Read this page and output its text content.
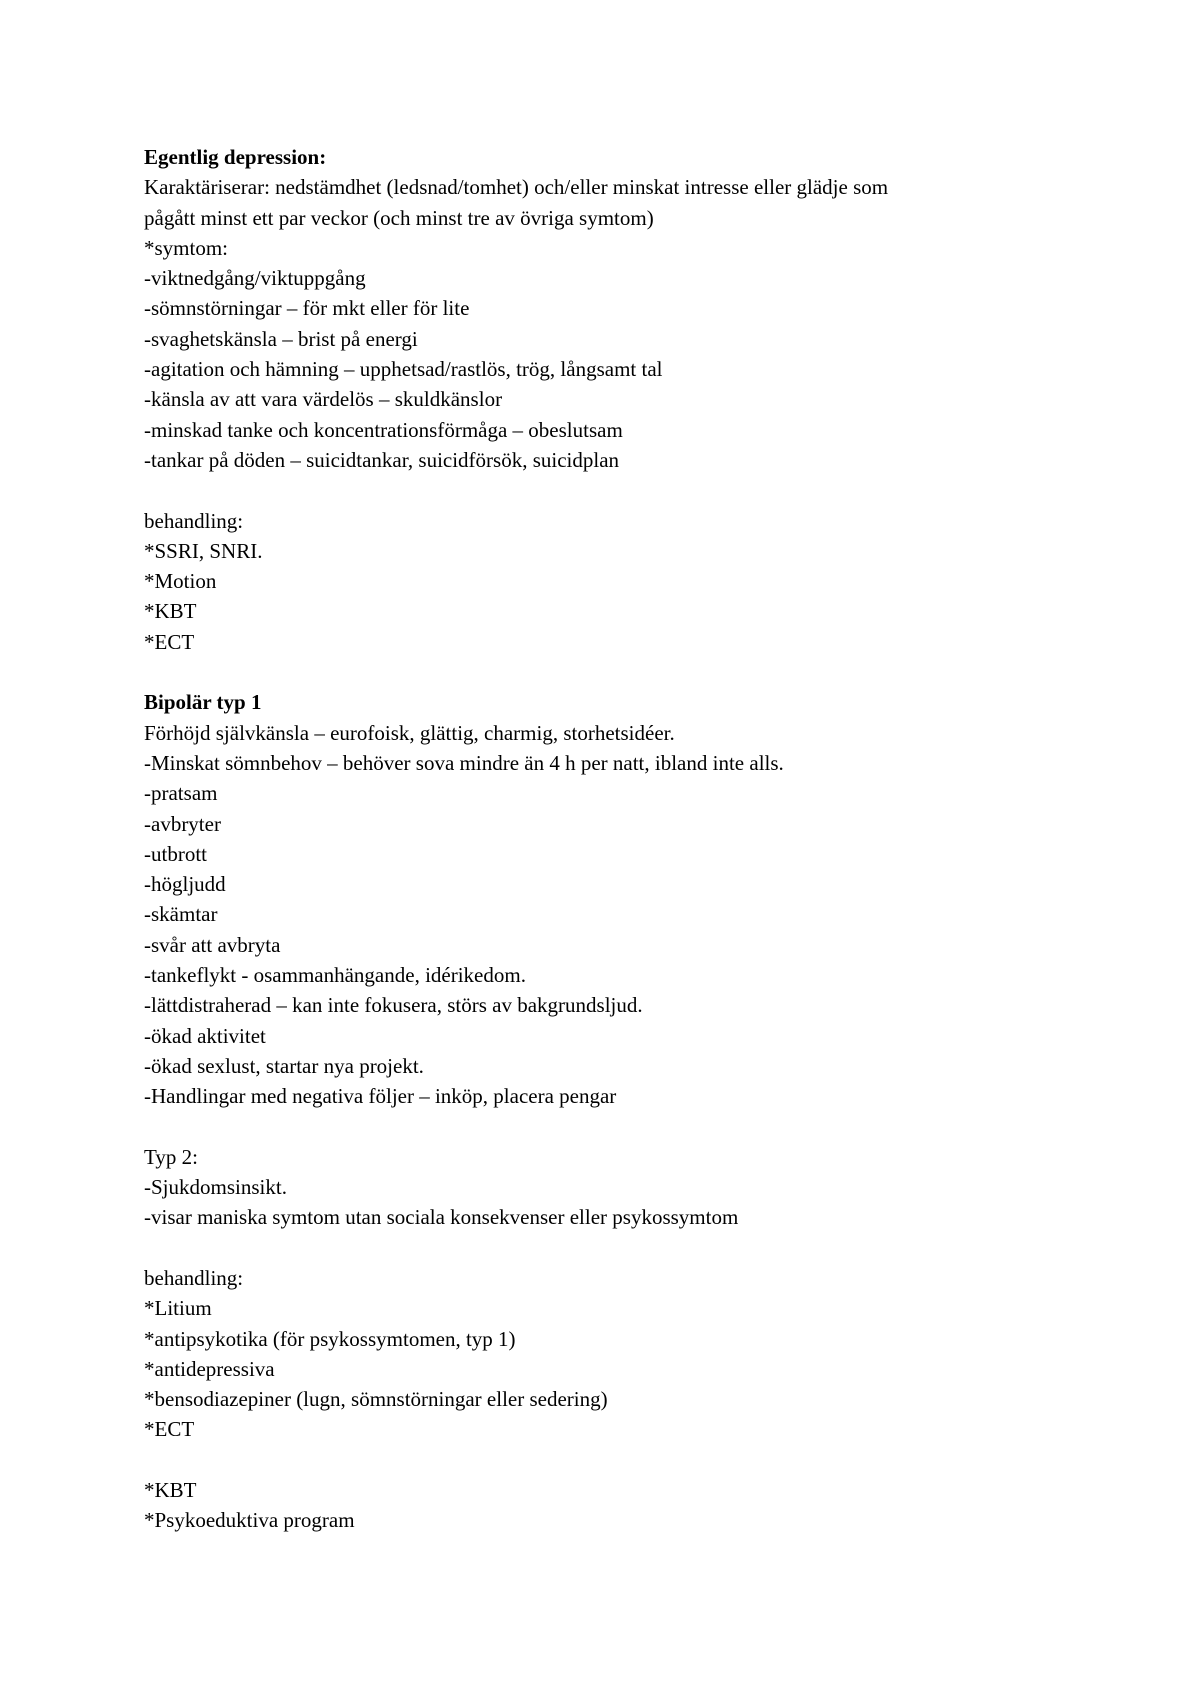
Egentlig depression:
Karaktäriserar: nedstämdhet (ledsnad/tomhet) och/eller minskat intresse eller glädje som
pågått minst ett par veckor (och minst tre av övriga symtom)
*symtom:
-viktnedgång/viktuppgång
-sömnstörningar – för mkt eller för lite
-svaghetskänsla – brist på energi
-agitation och hämning – upphetsad/rastlös, trög, långsamt tal
-känsla av att vara värdelös – skuldkänslor
-minskad tanke och koncentrationsförmåga – obeslutsam
-tankar på döden – suicidtankar, suicidförsök, suicidplan
behandling:
*SSRI, SNRI.
*Motion
*KBT
*ECT
Bipolär typ 1
Förhöjd självkänsla – eurofoisk, glättig, charmig, storhetsidéer.
-Minskat sömnbehov – behöver sova mindre än 4 h per natt, ibland inte alls.
-pratsam
-avbryter
-utbrott
-högljudd
-skämtar
-svår att avbryta
-tankeflykt - osammanhängande, idérikedom.
-lättdistraherad – kan inte fokusera, störs av bakgrundsljud.
-ökad aktivitet
-ökad sexlust, startar nya projekt.
-Handlingar med negativa följer – inköp, placera pengar
Typ 2:
-Sjukdomsinsikt.
-visar maniska symtom utan sociala konsekvenser eller psykossymtom
behandling:
*Litium
*antipsykotika (för psykossymtomen, typ 1)
*antidepressiva
*bensodiazepiner (lugn, sömnstörningar eller sedering)
*ECT
*KBT
*Psykoeduktiva program
